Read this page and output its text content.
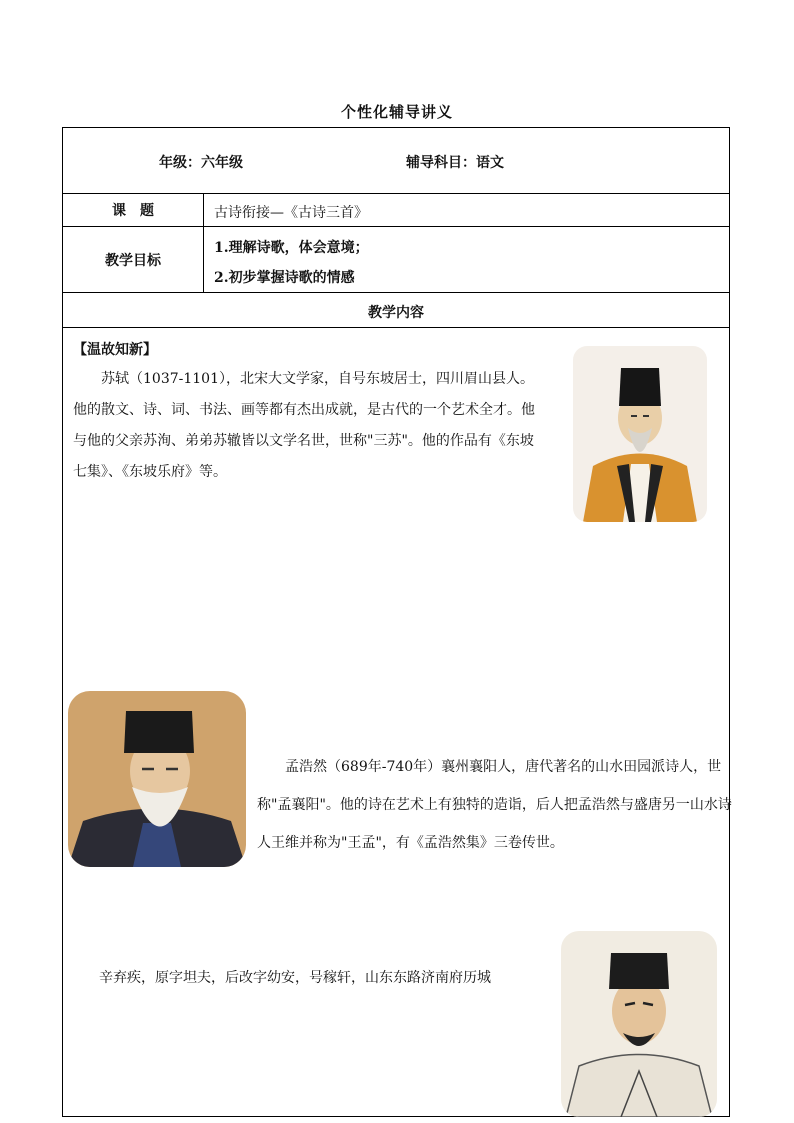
个性化辅导讲义
年级：六年级	辅导科目：语文
课　题	古诗衔接—《古诗三首》
教学目标
1.理解诗歌，体会意境；
2.初步掌握诗歌的情感
教学内容
【温故知新】
苏轼（1037-1101），北宋大文学家，自号东坡居士，四川眉山县人。他的散文、诗、词、书法、画等都有杰出成就，是古代的一个艺术全才。他与他的父亲苏洵、弟弟苏辙皆以文学名世，世称"三苏"。他的作品有《东坡七集》、《东坡乐府》等。
孟浩然（689年-740年）襄州襄阳人，唐代著名的山水田园派诗人，世称"孟襄阳"。他的诗在艺术上有独特的造诣，后人把孟浩然与盛唐另一山水诗人王维并称为"王孟"，有《孟浩然集》三卷传世。
辛弃疾，原字坦夫，后改字幼安，号稼轩，山东东路济南府历城
